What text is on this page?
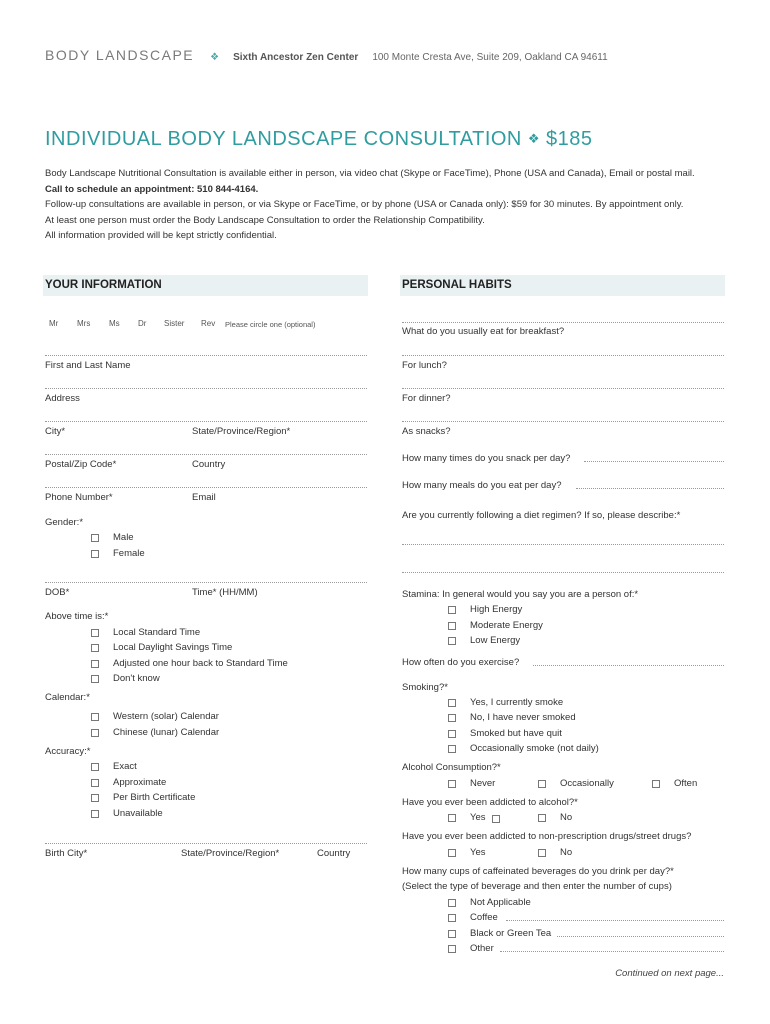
BODY LANDSCAPE ❖ Sixth Ancestor Zen Center 100 Monte Cresta Ave, Suite 209, Oakland CA 94611
INDIVIDUAL BODY LANDSCAPE CONSULTATION ❖ $185
Body Landscape Nutritional Consultation is available either in person, via video chat (Skype or FaceTime), Phone (USA and Canada), Email or postal mail.
Call to schedule an appointment: 510 844-4164.
Follow-up consultations are available in person, or via Skype or FaceTime, or by phone (USA or Canada only): $59 for 30 minutes. By appointment only.
At least one person must order the Body Landscape Consultation to order the Relationship Compatibility.
All information provided will be kept strictly confidential.
YOUR INFORMATION	PERSONAL HABITS
Mr Mrs Ms Dr Sister Rev Please circle one (optional)
First and Last Name
Address
City*	State/Province/Region*
Postal/Zip Code*	Country
Phone Number*	Email
Gender:*
Male
Female
DOB*	Time* (HH/MM)
Above time is:*
Local Standard Time
Local Daylight Savings Time
Adjusted one hour back to Standard Time
Don't know
Calendar:*
Western (solar) Calendar
Chinese (lunar) Calendar
Accuracy:*
Exact
Approximate
Per Birth Certificate
Unavailable
Birth City*	State/Province/Region*	Country
What do you usually eat for breakfast?
For lunch?
For dinner?
As snacks?
How many times do you snack per day?
How many meals do you eat per day?
Are you currently following a diet regimen? If so, please describe:*
Stamina: In general would you say you are a person of:*
High Energy
Moderate Energy
Low Energy
How often do you exercise?
Smoking?*
Yes, I currently smoke
No, I have never smoked
Smoked but have quit
Occasionally smoke (not daily)
Alcohol Consumption?*
Never	Occasionally	Often
Have you ever been addicted to alcohol?*
Yes	No
Have you ever been addicted to non-prescription drugs/street drugs?
Yes	No
How many cups of caffeinated beverages do you drink per day?*
(Select the type of beverage and then enter the number of cups)
Not Applicable
Coffee
Black or Green Tea
Other
Continued on next page...
